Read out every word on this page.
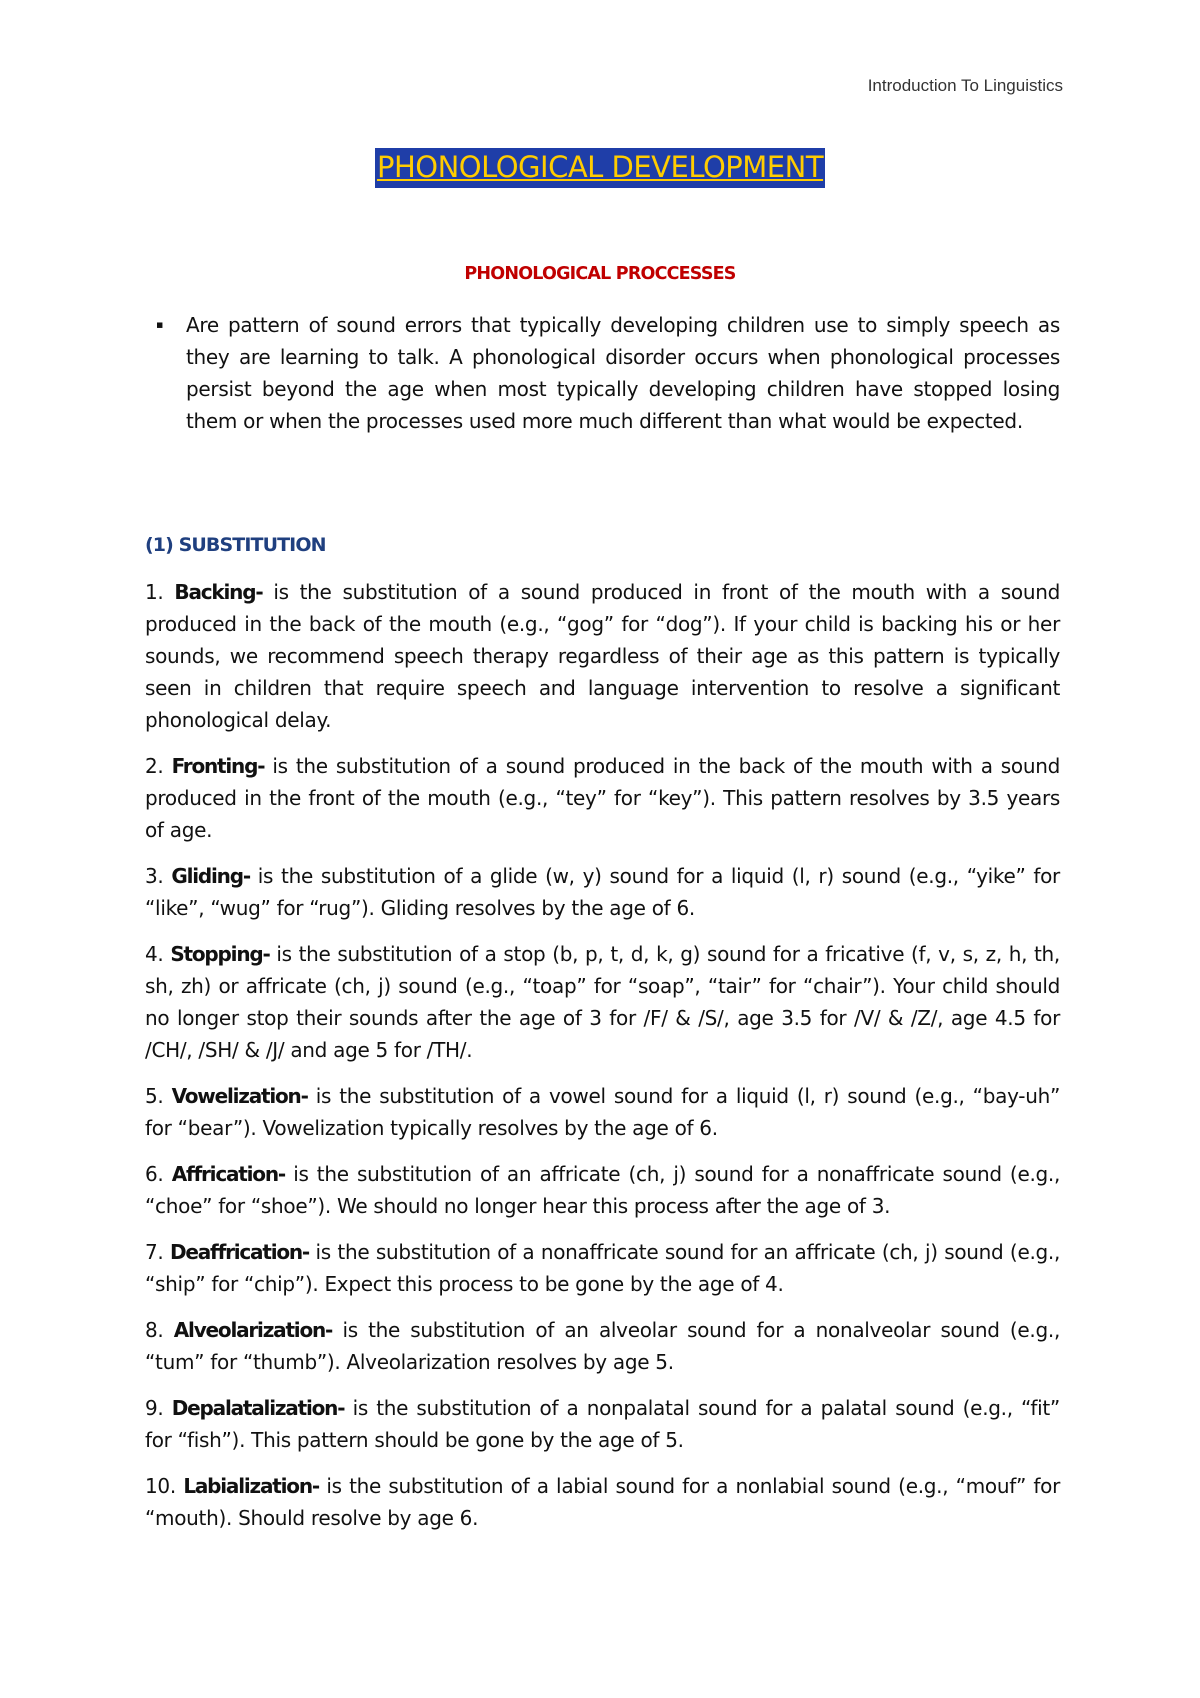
Introduction To Linguistics
PHONOLOGICAL DEVELOPMENT
PHONOLOGICAL PROCCESSES
▪ Are pattern of sound errors that typically developing children use to simply speech as they are learning to talk. A phonological disorder occurs when phonological processes persist beyond the age when most typically developing children have stopped losing them or when the processes used more much different than what would be expected.
(1) SUBSTITUTION
1. Backing- is the substitution of a sound produced in front of the mouth with a sound produced in the back of the mouth (e.g., “gog” for “dog”). If your child is backing his or her sounds, we recommend speech therapy regardless of their age as this pattern is typically seen in children that require speech and language intervention to resolve a significant phonological delay.
2. Fronting- is the substitution of a sound produced in the back of the mouth with a sound produced in the front of the mouth (e.g., “tey” for “key”). This pattern resolves by 3.5 years of age.
3. Gliding- is the substitution of a glide (w, y) sound for a liquid (l, r) sound (e.g., “yike” for “like”, “wug” for “rug”). Gliding resolves by the age of 6.
4. Stopping- is the substitution of a stop (b, p, t, d, k, g) sound for a fricative (f, v, s, z, h, th, sh, zh) or affricate (ch, j) sound (e.g., “toap” for “soap”, “tair” for “chair”). Your child should no longer stop their sounds after the age of 3 for /F/ & /S/, age 3.5 for /V/ & /Z/, age 4.5 for /CH/, /SH/ & /J/ and age 5 for /TH/.
5. Vowelization- is the substitution of a vowel sound for a liquid (l, r) sound (e.g., “bay-uh” for “bear”). Vowelization typically resolves by the age of 6.
6. Affrication- is the substitution of an affricate (ch, j) sound for a nonaffricate sound (e.g., “choe” for “shoe”). We should no longer hear this process after the age of 3.
7. Deaffrication- is the substitution of a nonaffricate sound for an affricate (ch, j) sound (e.g., “ship” for “chip”). Expect this process to be gone by the age of 4.
8. Alveolarization- is the substitution of an alveolar sound for a nonalveolar sound (e.g., “tum” for “thumb”). Alveolarization resolves by age 5.
9. Depalatalization- is the substitution of a nonpalatal sound for a palatal sound (e.g., “fit” for “fish”). This pattern should be gone by the age of 5.
10. Labialization- is the substitution of a labial sound for a nonlabial sound (e.g., “mouf” for “mouth). Should resolve by age 6.
